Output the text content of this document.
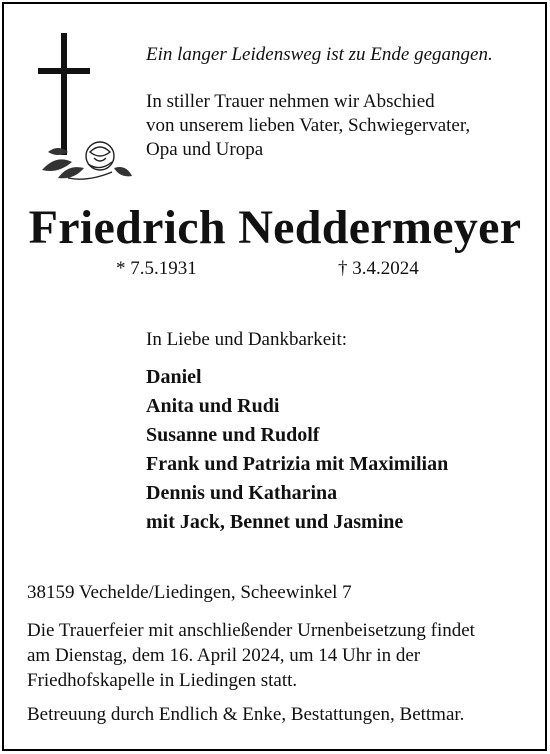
Ein langer Leidensweg ist zu Ende gegangen.
In stiller Trauer nehmen wir Abschied
von unserem lieben Vater, Schwiegervater,
Opa und Uropa
Friedrich Neddermeyer
* 7.5.1931	† 3.4.2024
In Liebe und Dankbarkeit:
Daniel
Anita und Rudi
Susanne und Rudolf
Frank und Patrizia mit Maximilian
Dennis und Katharina
mit Jack, Bennet und Jasmine
38159 Vechelde/Liedingen, Scheewinkel 7
Die Trauerfeier mit anschließender Urnenbeisetzung findet
am Dienstag, dem 16. April 2024, um 14 Uhr in der
Friedhofskapelle in Liedingen statt.
Betreuung durch Endlich & Enke, Bestattungen, Bettmar.
